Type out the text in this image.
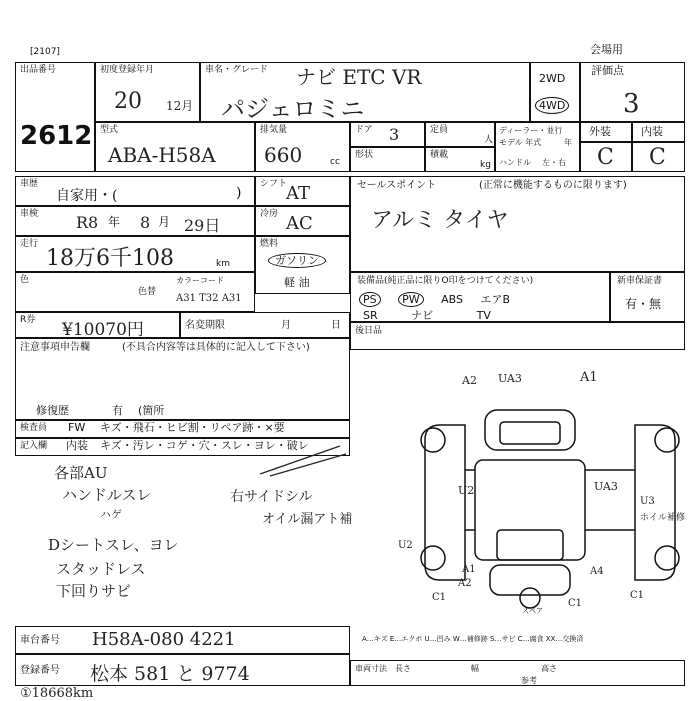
[2107]	会場用
出品番号
2612
初度登録年月
20 12月
車名・グレード ナビ ETC VR
パジェロミニ
2WD
4WD
評価点
3
型式
ABA-H58A
排気量
660	cc
ドア 3	定員
人
形状	積載
kg
ディーラー・並行
モデル 年式	年
ハンドル 左・右
外装	内装
C C
車歴
自家用・(	)
シフト
AT	セールスポイント	(正常に機能するものに限ります)
アルミ タイヤ
車検 R8 年 8 月 29日
冷房 AC
走行
18万6千108	km
燃料
ガソリン
軽 油
色
色替
カラーコード
A31 T32 A31
装備品(純正品に限りO印をつけてください)
PS PW ABS エアB
SR	ナビ	TV
新車保証書
有・無
R券 ¥10070円	名変期限	月	日 後日品
注意事項申告欄	(不具合内容等は具体的に記入して下さい)
修復歴	有 (箇所
検査員 FW キズ・飛石・ヒビ割・リペア跡・×要
記入欄 内装 キズ・汚レ・コゲ・穴・スレ・ヨレ・破レ
各部AU
ハンドルスレ
ハゲ
Dシートスレ、ヨレ
スタッドレス
下回りサビ
右サイドシル
オイル漏アト補
A2 UA3	A1
U2	UA3
U3
ホイル補修
U2
A1
A2
A4
C1
C1
C1
スペア
車台番号 H58A-080 4221	A…キズ E…エクボ U…凹み W…補修跡 S…サビ C…腐食 XX…交換済
登録番号 松本 581 と 9774	車両寸法 長さ	幅	高さ
参考
①18668km
